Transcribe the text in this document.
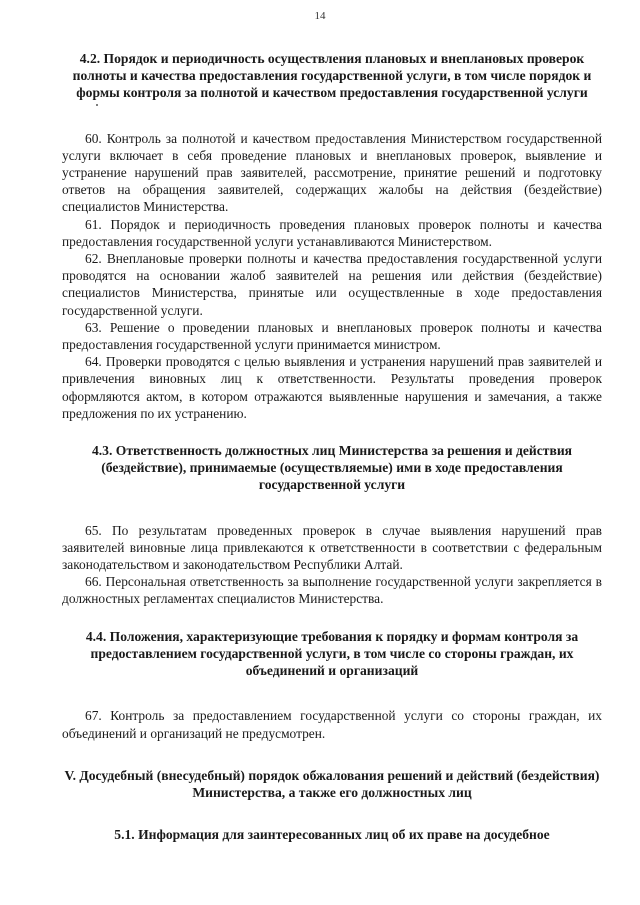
14

4.2. Порядок и периодичность осуществления плановых и внеплановых проверок полноты и качества предоставления государственной услуги, в том числе порядок и формы контроля за полнотой и качеством предоставления государственной услуги

60. Контроль за полнотой и качеством предоставления Министерством государственной услуги включает в себя проведение плановых и внеплановых проверок, выявление и устранение нарушений прав заявителей, рассмотрение, принятие решений и подготовку ответов на обращения заявителей, содержащих жалобы на действия (бездействие) специалистов Министерства.

61. Порядок и периодичность проведения плановых проверок полноты и качества предоставления государственной услуги устанавливаются Министерством.

62. Внеплановые проверки полноты и качества предоставления государственной услуги проводятся на основании жалоб заявителей на решения или действия (бездействие) специалистов Министерства, принятые или осуществленные в ходе предоставления государственной услуги.

63. Решение о проведении плановых и внеплановых проверок полноты и качества предоставления государственной услуги принимается министром.

64. Проверки проводятся с целью выявления и устранения нарушений прав заявителей и привлечения виновных лиц к ответственности. Результаты проведения проверок оформляются актом, в котором отражаются выявленные нарушения и замечания, а также предложения по их устранению.

4.3. Ответственность должностных лиц Министерства за решения и действия (бездействие), принимаемые (осуществляемые) ими в ходе предоставления государственной услуги

65. По результатам проведенных проверок в случае выявления нарушений прав заявителей виновные лица привлекаются к ответственности в соответствии с федеральным законодательством и законодательством Республики Алтай.

66. Персональная ответственность за выполнение государственной услуги закрепляется в должностных регламентах специалистов Министерства.

4.4. Положения, характеризующие требования к порядку и формам контроля за предоставлением государственной услуги, в том числе со стороны граждан, их объединений и организаций

67. Контроль за предоставлением государственной услуги со стороны граждан, их объединений и организаций не предусмотрен.

V. Досудебный (внесудебный) порядок обжалования решений и действий (бездействия) Министерства, а также его должностных лиц

5.1. Информация для заинтересованных лиц об их праве на досудебное
